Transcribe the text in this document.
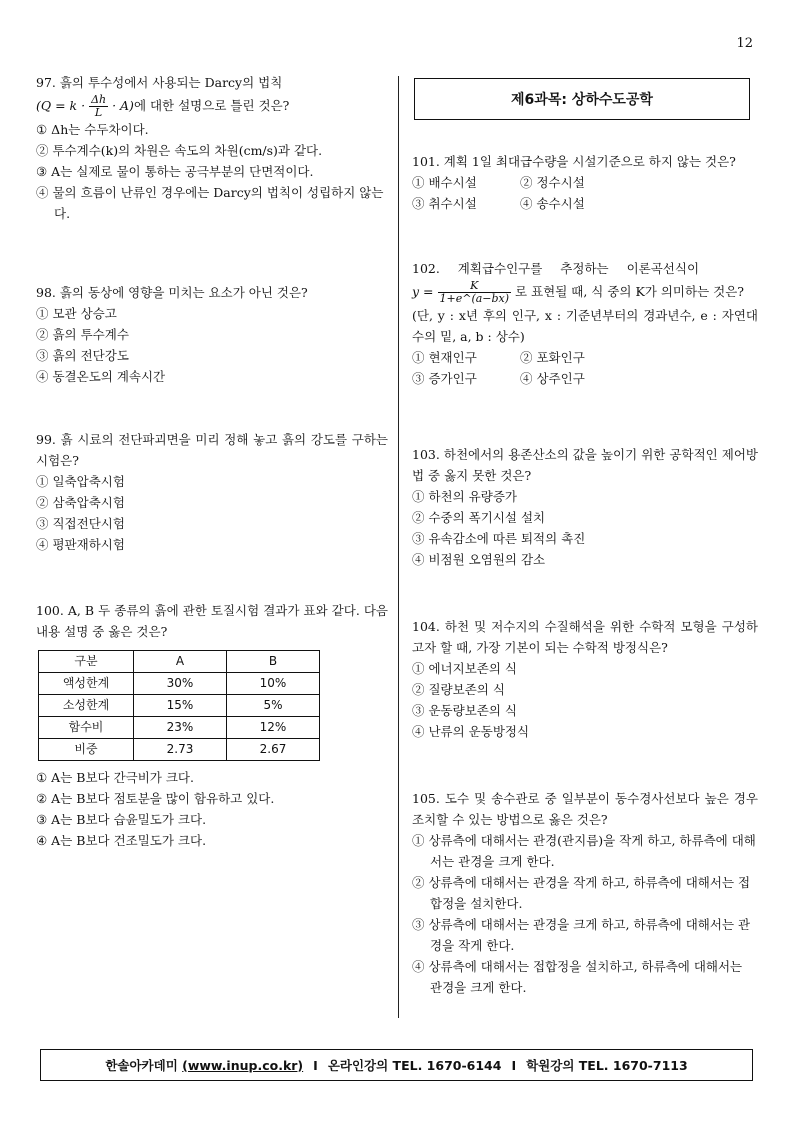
12

97. 흙의 투수성에서 사용되는 Darcy의 법칙

$(Q = k \cdot \frac{\Delta h}{L} \cdot A)$에 대한 설명으로 틀린 것은?

① Δh는 수두차이다.

② 투수계수(k)의 차원은 속도의 차원(cm/s)과 같다.

③ A는 실제로 물이 통하는 공극부분의 단면적이다.

④ 물의 흐름이 난류인 경우에는 Darcy의 법칙이 성립하지 않는다.

98. 흙의 동상에 영향을 미치는 요소가 아닌 것은?

① 모관 상승고

② 흙의 투수계수

③ 흙의 전단강도

④ 동결온도의 계속시간

99. 흙 시료의 전단파괴면을 미리 정해 놓고 흙의 강도를 구하는 시험은?

① 일축압축시험

② 삼축압축시험

③ 직접전단시험

④ 평판재하시험

100. A, B 두 종류의 흙에 관한 토질시험 결과가 표와 같다. 다음 내용 설명 중 옳은 것은?

구분	A	B
액성한계	30%	10%
소성한계	15%	5%
함수비	23%	12%
비중	2.73	2.67

① A는 B보다 간극비가 크다.

② A는 B보다 점토분을 많이 함유하고 있다.

③ A는 B보다 습윤밀도가 크다.

④ A는 B보다 건조밀도가 크다.

제6과목: 상하수도공학

101. 계획 1일 최대급수량을 시설기준으로 하지 않는 것은?

① 배수시설	② 정수시설

③ 취수시설	④ 송수시설

102. 계획급수인구를 추정하는 이론곡선식이

$y = \frac{K}{1+e\^{}(a-bx)}$ 로 표현될 때, 식 중의 K가 의미하는 것은?

(단, y : x년 후의 인구, x : 기준년부터의 경과년수, e : 자연대수의 밑, a, b : 상수)

① 현재인구	② 포화인구

③ 증가인구	④ 상주인구

103. 하천에서의 용존산소의 값을 높이기 위한 공학적인 제어방법 중 옳지 못한 것은?

① 하천의 유량증가

② 수중의 폭기시설 설치

③ 유속감소에 따른 퇴적의 촉진

④ 비점원 오염원의 감소

104. 하천 및 저수지의 수질해석을 위한 수학적 모형을 구성하고자 할 때, 가장 기본이 되는 수학적 방정식은?

① 에너지보존의 식

② 질량보존의 식

③ 운동량보존의 식

④ 난류의 운동방정식

105. 도수 및 송수관로 중 일부분이 동수경사선보다 높은 경우 조치할 수 있는 방법으로 옳은 것은?

① 상류측에 대해서는 관경(관지름)을 작게 하고, 하류측에 대해서는 관경을 크게 한다.

② 상류측에 대해서는 관경을 작게 하고, 하류측에 대해서는 접합정을 설치한다.

③ 상류측에 대해서는 관경을 크게 하고, 하류측에 대해서는 관경을 작게 한다.

④ 상류측에 대해서는 접합정을 설치하고, 하류측에 대해서는 관경을 크게 한다.

한솔아카데미
(www.inup.co.kr) I 온라인강의 TEL. 1670-6144 I 학원강의 TEL. 1670-7113
